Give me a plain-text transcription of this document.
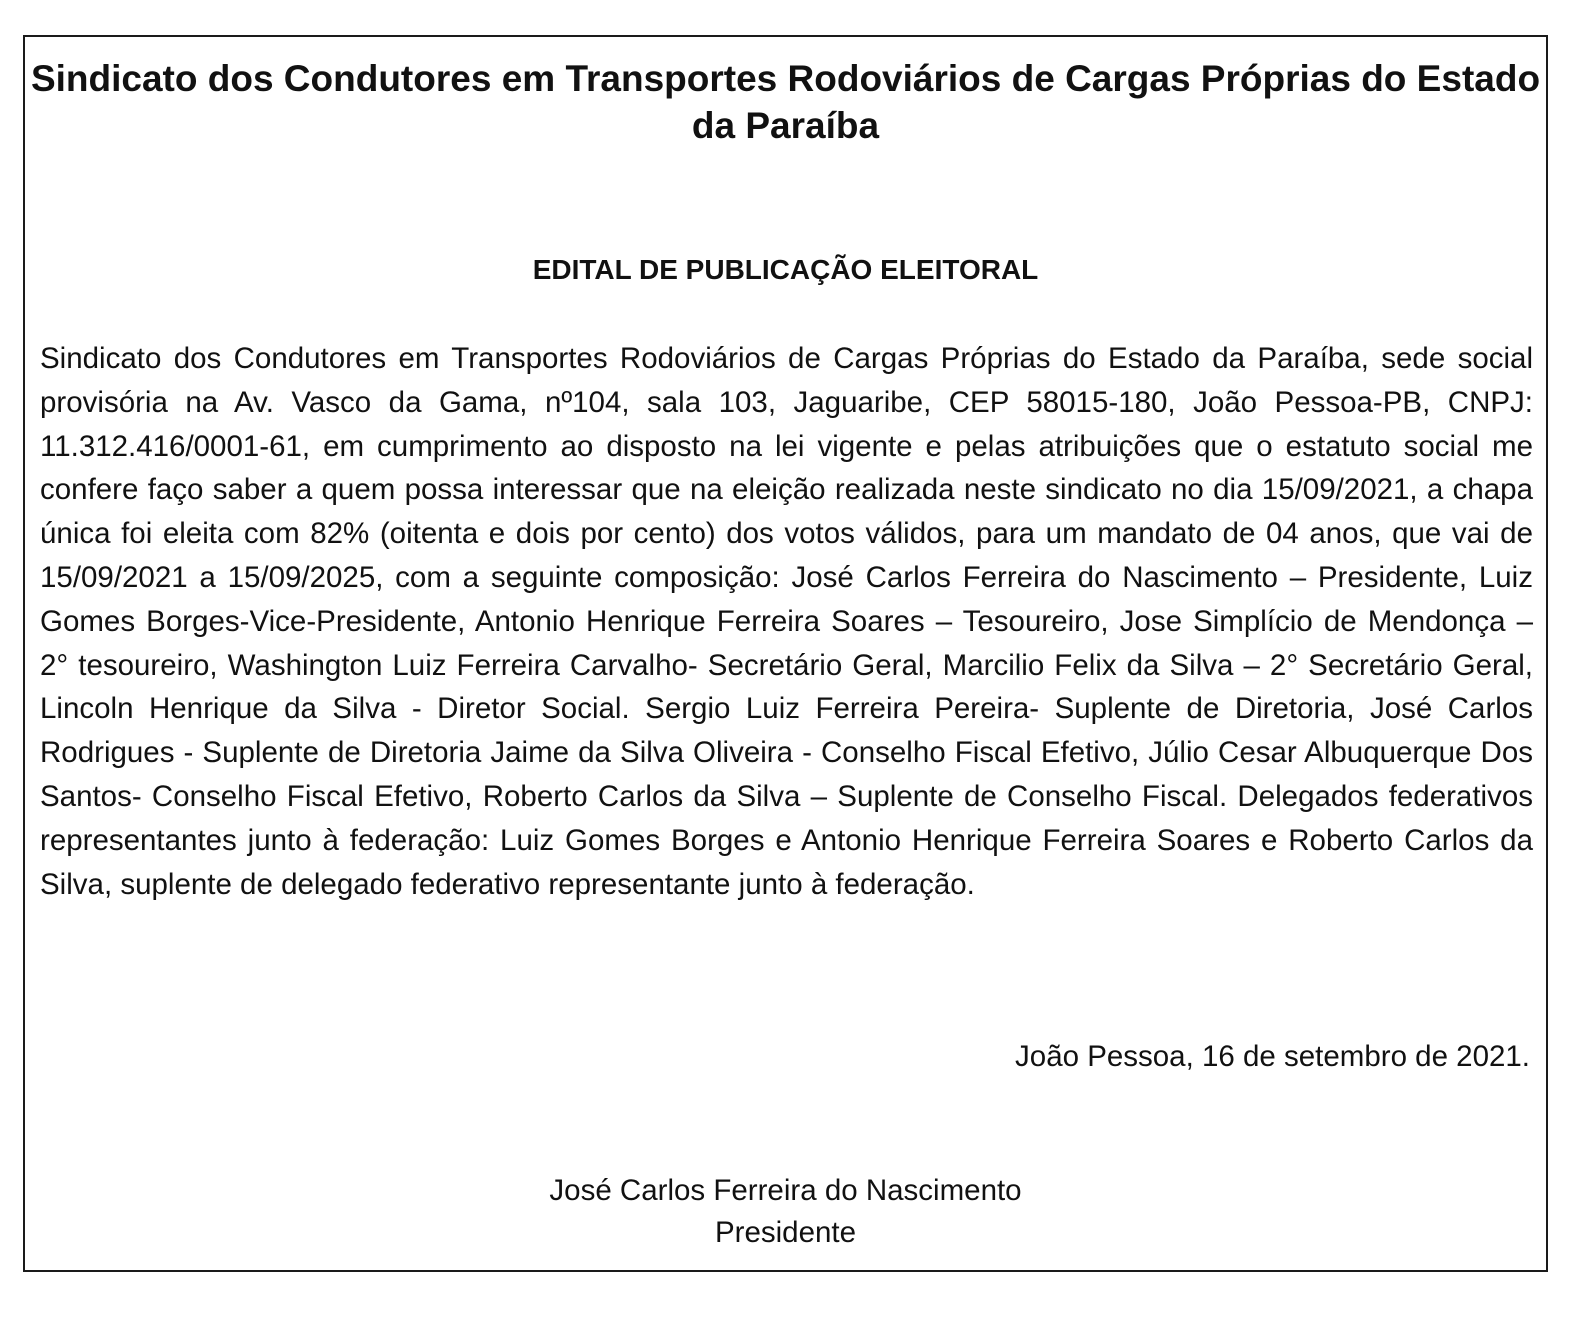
Sindicato dos Condutores em Transportes Rodoviários de Cargas Próprias do Estado da Paraíba
EDITAL DE PUBLICAÇÃO ELEITORAL

Sindicato dos Condutores em Transportes Rodoviários de Cargas Próprias do Estado da Paraíba, sede social provisória na Av. Vasco da Gama, nº104, sala 103, Jaguaribe, CEP 58015-180, João Pessoa-PB, CNPJ: 11.312.416/0001-61, em cumprimento ao disposto na lei vigente e pelas atribuições que o estatuto social me confere faço saber a quem possa interessar que na eleição realizada neste sindicato no dia 15/09/2021, a chapa única foi eleita com 82% (oitenta e dois por cento) dos votos válidos, para um mandato de 04 anos, que vai de 15/09/2021 a 15/09/2025, com a seguinte composição: José Carlos Ferreira do Nascimento – Presidente, Luiz Gomes Borges-Vice-Presidente, Antonio Henrique Ferreira Soares – Tesoureiro, Jose Simplício de Mendonça – 2° tesoureiro, Washington Luiz Ferreira Carvalho- Secretário Geral, Marcilio Felix da Silva – 2° Secretário Geral, Lincoln Henrique da Silva - Diretor Social. Sergio Luiz Ferreira Pereira- Suplente de Diretoria, José Carlos Rodrigues - Suplente de Diretoria Jaime da Silva Oliveira - Conselho Fiscal Efetivo, Júlio Cesar Albuquerque Dos Santos- Conselho Fiscal Efetivo, Roberto Carlos da Silva – Suplente de Conselho Fiscal. Delegados federativos representantes junto à federação: Luiz Gomes Borges e Antonio Henrique Ferreira Soares e Roberto Carlos da Silva, suplente de delegado federativo representante junto à federação.

João Pessoa, 16 de setembro de 2021.

José Carlos Ferreira do Nascimento
Presidente
